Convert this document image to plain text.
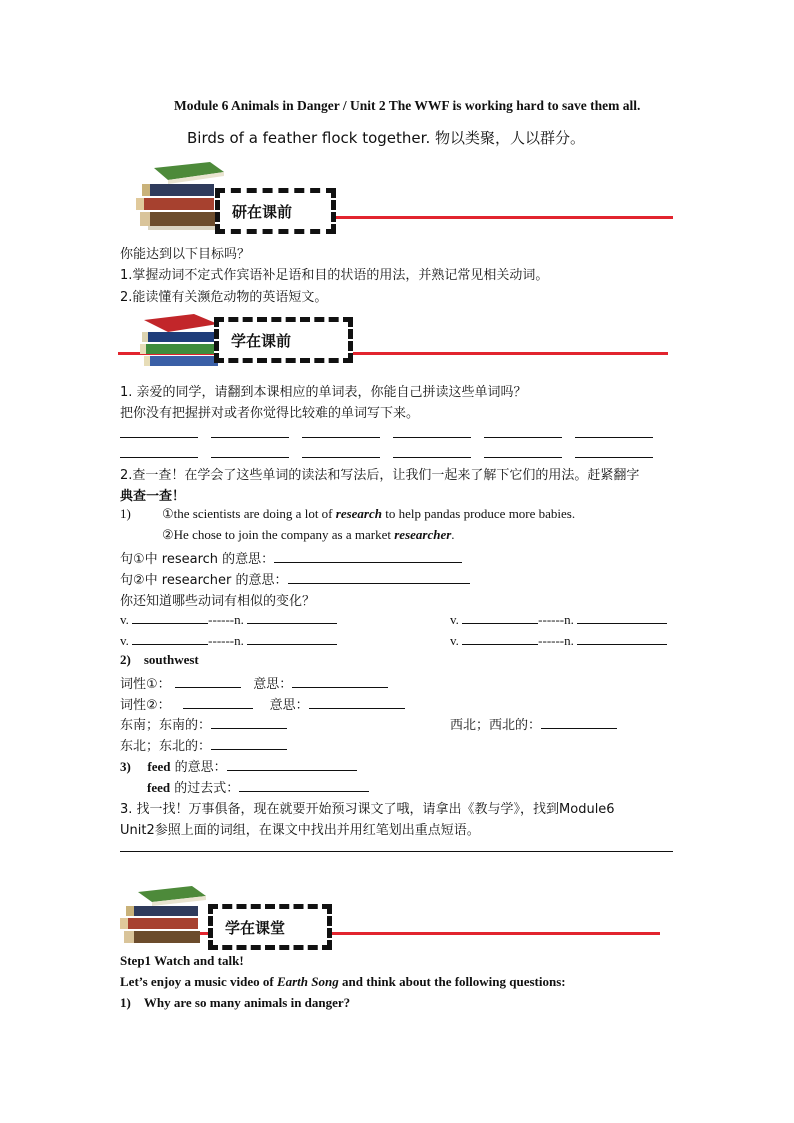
Module 6 Animals in Danger / Unit 2 The WWF is working hard to save them all.
Birds of a feather flock together. 物以类聚，人以群分。
研在课前
你能达到以下目标吗？
1.掌握动词不定式作宾语补足语和目的状语的用法，并熟记常见相关动词。
2.能读懂有关濒危动物的英语短文。
学在课前
1. 亲爱的同学，请翻到本课相应的单词表，你能自己拼读这些单词吗？
把你没有把握拼对或者你觉得比较难的单词写下来。
2.查一查！在学会了这些单词的读法和写法后，让我们一起来了解下它们的用法。赶紧翻字
典查一查！
1) ①the scientists are doing a lot of research to help pandas produce more babies.
②He chose to join the company as a market researcher.
句①中 research 的意思：
句②中 researcher 的意思：
你还知道哪些动词有相似的变化？
v.	------n.	v.	------n.
v.	------n.	v.	------n.
2) southwest
词性①：	意思：
词性②：	意思：
东南；东南的：	西北；西北的：
东北；东北的：
3) feed 的意思：
feed 的过去式：
3. 找一找！万事俱备，现在就要开始预习课文了哦，请拿出《教与学》，找到Module6
Unit2参照上面的词组，在课文中找出并用红笔划出重点短语。
学在课堂
Step1 Watch and talk!
Let’s enjoy a music video of Earth Song and think about the following questions:
1) Why are so many animals in danger?
